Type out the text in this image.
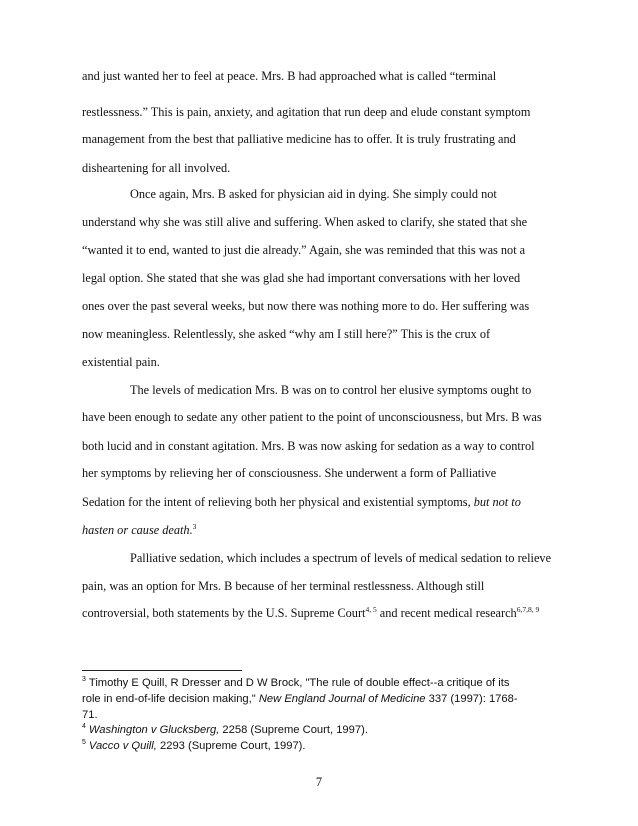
and just wanted her to feel at peace. Mrs. B had approached what is called “terminal
restlessness.” This is pain, anxiety, and agitation that run deep and elude constant symptom
management from the best that palliative medicine has to offer. It is truly frustrating and
disheartening for all involved.
Once again, Mrs. B asked for physician aid in dying. She simply could not
understand why she was still alive and suffering. When asked to clarify, she stated that she
“wanted it to end, wanted to just die already.” Again, she was reminded that this was not a
legal option. She stated that she was glad she had important conversations with her loved
ones over the past several weeks, but now there was nothing more to do. Her suffering was
now meaningless. Relentlessly, she asked “why am I still here?” This is the crux of
existential pain.
The levels of medication Mrs. B was on to control her elusive symptoms ought to
have been enough to sedate any other patient to the point of unconsciousness, but Mrs. B was
both lucid and in constant agitation. Mrs. B was now asking for sedation as a way to control
her symptoms by relieving her of consciousness. She underwent a form of Palliative
Sedation for the intent of relieving both her physical and existential symptoms, but not to
hasten or cause death.$^3$
Palliative sedation, which includes a spectrum of levels of medical sedation to relieve
pain, was an option for Mrs. B because of her terminal restlessness. Although still
controversial, both statements by the U.S. Supreme Court$^{4, 5}$ and recent medical research$^{6,7,8, 9}$
$^3$ Timothy E Quill, R Dresser and D W Brock, "The rule of double effect--a critique of its
role in end-of-life decision making," New England Journal of Medicine 337 (1997): 1768-
71.
$^4$ Washington v Glucksberg, 2258 (Supreme Court, 1997).
$^5$ Vacco v Quill, 2293 (Supreme Court, 1997).
7
